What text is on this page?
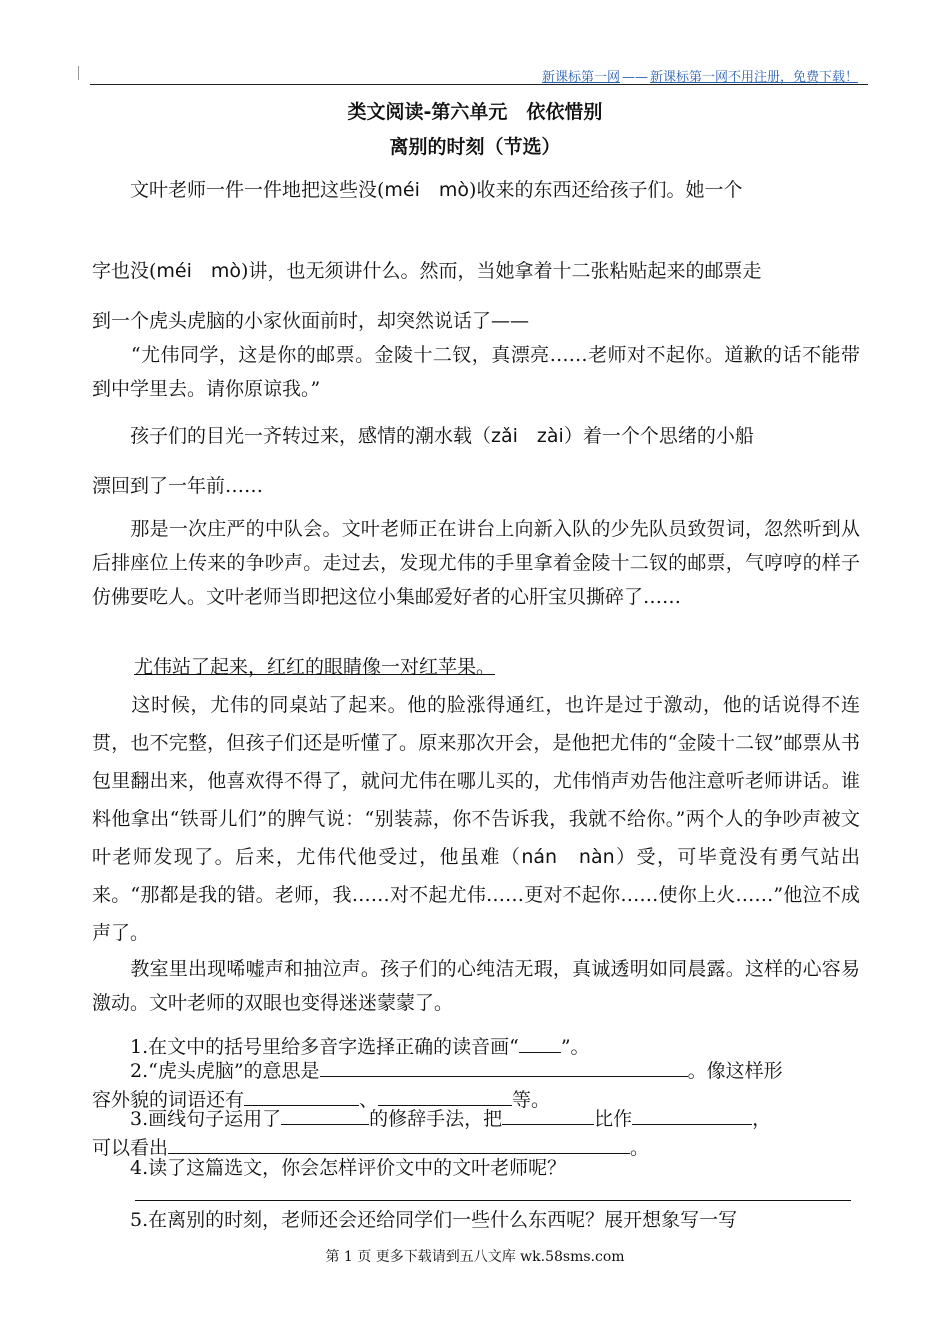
新课标第一网 —— 新课标第一网不用注册，免费下载！
类文阅读-第六单元　依依惜别
离别的时刻（节选）
　　文叶老师一件一件地把这些没(méi　mò)收来的东西还给孩子们。她一个
字也没(méi　mò)讲，也无须讲什么。然而，当她拿着十二张粘贴起来的邮票走
到一个虎头虎脑的小家伙面前时，却突然说话了——
　　“尤伟同学，这是你的邮票。金陵十二钗，真漂亮……老师对不起你。道歉的话不能带到中学里去。请你原谅我。”
　　孩子们的目光一齐转过来，感情的潮水载（zǎi　zài）着一个个思绪的小船
漂回到了一年前……
　　那是一次庄严的中队会。文叶老师正在讲台上向新入队的少先队员致贺词，忽然听到从后排座位上传来的争吵声。走过去，发现尤伟的手里拿着金陵十二钗的邮票，气哼哼的样子仿佛要吃人。文叶老师当即把这位小集邮爱好者的心肝宝贝撕碎了……
尤伟站了起来，红红的眼睛像一对红苹果。
　　这时候，尤伟的同桌站了起来。他的脸涨得通红，也许是过于激动，他的话说得不连贯，也不完整，但孩子们还是听懂了。原来那次开会，是他把尤伟的“金陵十二钗”邮票从书包里翻出来，他喜欢得不得了，就问尤伟在哪儿买的，尤伟悄声劝告他注意听老师讲话。谁料他拿出“铁哥儿们”的脾气说：“别装蒜，你不告诉我，我就不给你。”两个人的争吵声被文叶老师发现了。后来，尤伟代他受过，他虽难（nán　nàn）受，可毕竟没有勇气站出来。“那都是我的错。老师，我……对不起尤伟……更对不起你……使你上火……”他泣不成声了。
　　教室里出现唏嘘声和抽泣声。孩子们的心纯洁无瑕，真诚透明如同晨露。这样的心容易激动。文叶老师的双眼也变得迷迷蒙蒙了。
　　1.在文中的括号里给多音字选择正确的读音画“ ”。
　　2.“虎头虎脑”的意思是	。像这样形
容外貌的词语还有	、	等。
　　3.画线句子运用了	的修辞手法，把	比作	，
可以看出	。
　　4.读了这篇选文，你会怎样评价文中的文叶老师呢？
　　5.在离别的时刻，老师还会还给同学们一些什么东西呢？展开想象写一写
第 1 页 更多下载请到五八文库 wk.58sms.com
